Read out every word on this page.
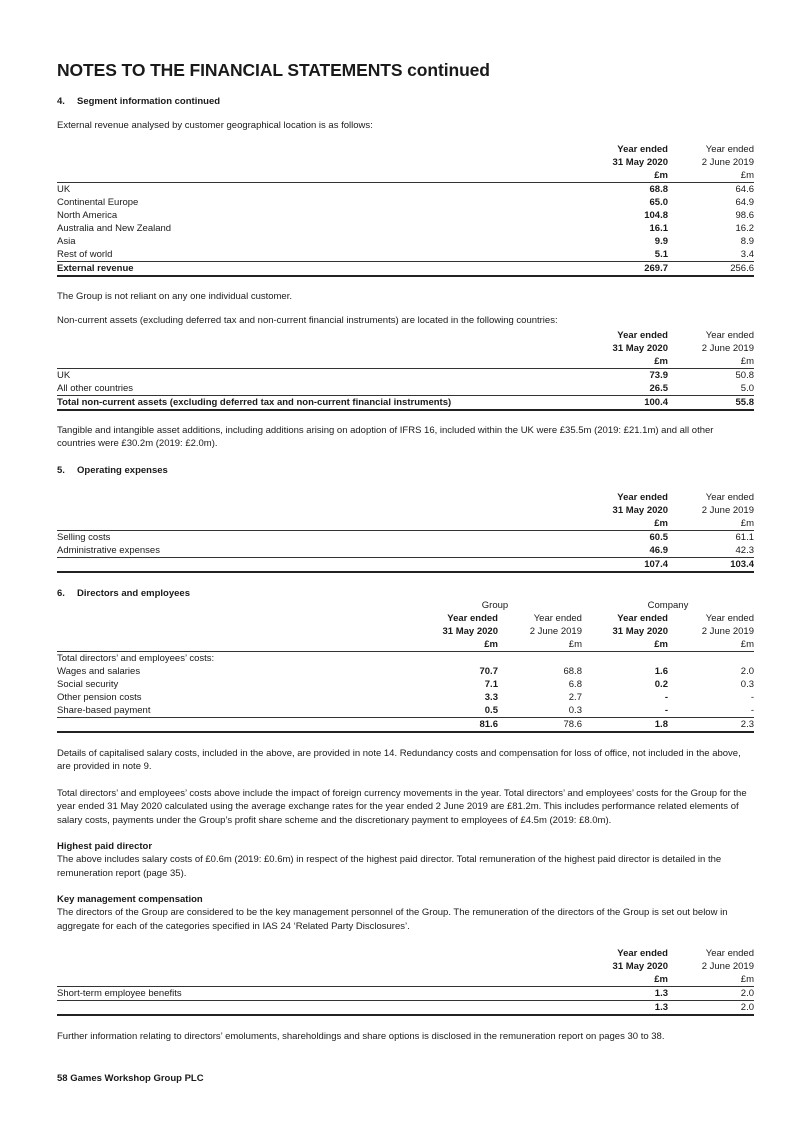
NOTES TO THE FINANCIAL STATEMENTS continued

4. Segment information continued

External revenue analysed by customer geographical location is as follows:

	Year ended	Year ended
	31 May 2020	2 June 2019
	£m	£m
UK	68.8	64.6
Continental Europe	65.0	64.9
North America	104.8	98.6
Australia and New Zealand	16.1	16.2
Asia	9.9	8.9
Rest of world	5.1	3.4
External revenue	269.7	256.6

The Group is not reliant on any one individual customer.

Non-current assets (excluding deferred tax and non-current financial instruments) are located in the following countries:

	Year ended	Year ended
	31 May 2020	2 June 2019
	£m	£m
UK	73.9	50.8
All other countries	26.5	5.0
Total non-current assets (excluding deferred tax and non-current financial instruments)	100.4	55.8

Tangible and intangible asset additions, including additions arising on adoption of IFRS 16, included within the UK were £35.5m (2019: £21.1m) and all other countries were £30.2m (2019: £2.0m).

5. Operating expenses

	Year ended	Year ended
	31 May 2020	2 June 2019
	£m	£m
Selling costs	60.5	61.1
Administrative expenses	46.9	42.3
	107.4	103.4

6. Directors and employees

	Group		Company	
	Year ended	Year ended	Year ended	Year ended
	31 May 2020	2 June 2019	31 May 2020	2 June 2019
	£m	£m	£m	£m
Total directors’ and employees’ costs:				
Wages and salaries	70.7	68.8	1.6	2.0
Social security	7.1	6.8	0.2	0.3
Other pension costs	3.3	2.7	-	-
Share-based payment	0.5	0.3	-	-
	81.6	78.6	1.8	2.3

Details of capitalised salary costs, included in the above, are provided in note 14. Redundancy costs and compensation for loss of office, not included in the above, are provided in note 9.

Total directors’ and employees’ costs above include the impact of foreign currency movements in the year. Total directors’ and employees’ costs for the Group for the year ended 31 May 2020 calculated using the average exchange rates for the year ended 2 June 2019 are £81.2m. This includes performance related elements of salary costs, payments under the Group’s profit share scheme and the discretionary payment to employees of £4.5m (2019: £8.0m).

Highest paid director

The above includes salary costs of £0.6m (2019: £0.6m) in respect of the highest paid director. Total remuneration of the highest paid director is detailed in the remuneration report (page 35).

Key management compensation

The directors of the Group are considered to be the key management personnel of the Group. The remuneration of the directors of the Group is set out below in aggregate for each of the categories specified in IAS 24 ‘Related Party Disclosures’.

	Year ended	Year ended
	31 May 2020	2 June 2019
	£m	£m
Short-term employee benefits	1.3	2.0
	1.3	2.0

Further information relating to directors’ emoluments, shareholdings and share options is disclosed in the remuneration report on pages 30 to 38.

58 Games Workshop Group PLC
